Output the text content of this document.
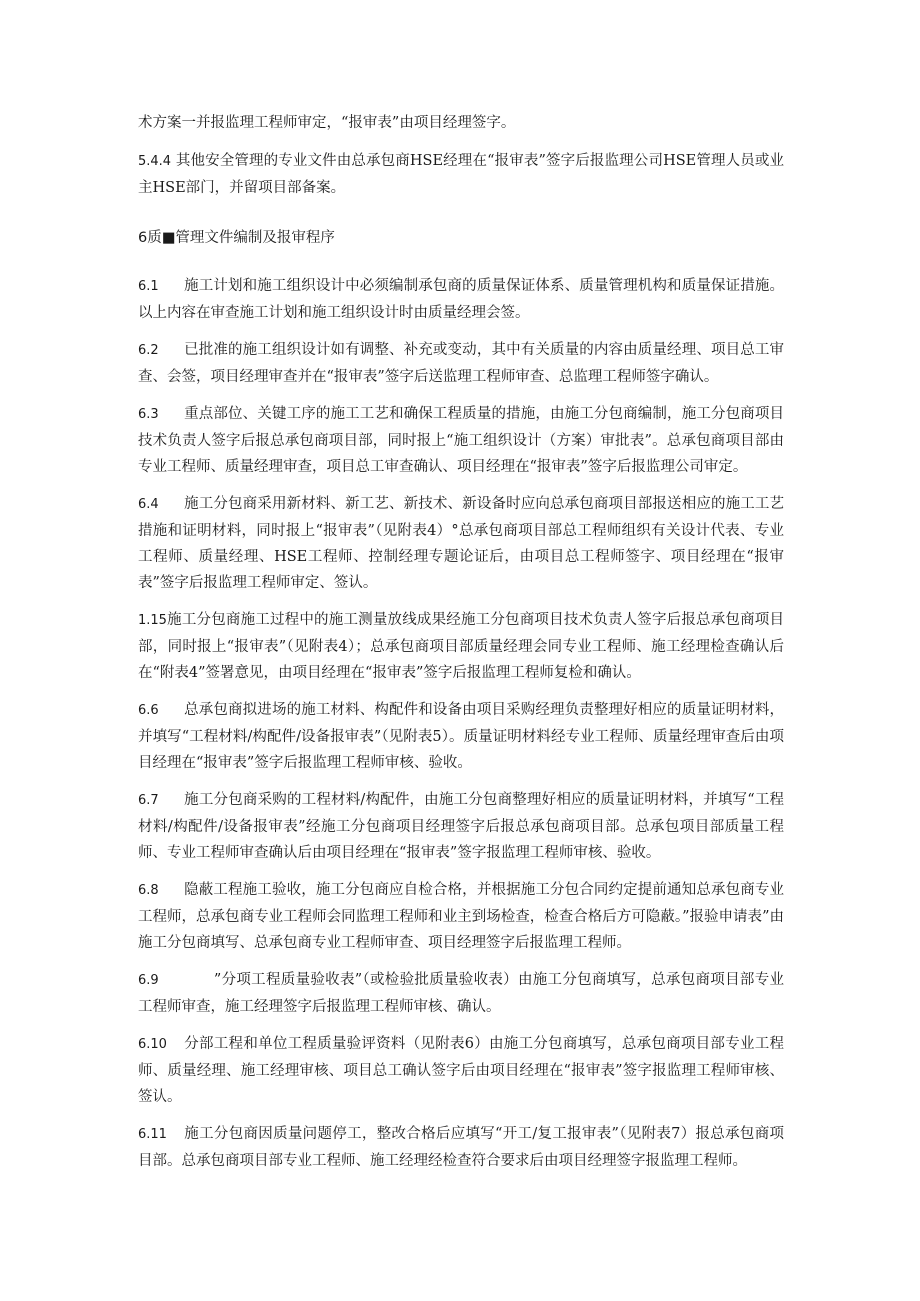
术方案一并报监理工程师审定，“报审表”由项目经理签字。

5.4.4 其他安全管理的专业文件由总承包商HSE经理在“报审表”签字后报监理公司HSE管理人员或业主HSE部门，并留项目部备案。

6质■管理文件编制及报审程序

6.1 施工计划和施工组织设计中必须编制承包商的质量保证体系、质量管理机构和质量保证措施。以上内容在审查施工计划和施工组织设计时由质量经理会签。

6.2 已批准的施工组织设计如有调整、补充或变动，其中有关质量的内容由质量经理、项目总工审查、会签，项目经理审查并在“报审表”签字后送监理工程师审查、总监理工程师签字确认。

6.3 重点部位、关键工序的施工工艺和确保工程质量的措施，由施工分包商编制，施工分包商项目技术负责人签字后报总承包商项目部，同时报上“施工组织设计（方案）审批表”。总承包商项目部由专业工程师、质量经理审查，项目总工审查确认、项目经理在“报审表”签字后报监理公司审定。

6.4 施工分包商采用新材料、新工艺、新技术、新设备时应向总承包商项目部报送相应的施工工艺措施和证明材料，同时报上“报审表”（见附表4）°总承包商项目部总工程师组织有关设计代表、专业工程师、质量经理、HSE工程师、控制经理专题论证后，由项目总工程师签字、项目经理在“报审表”签字后报监理工程师审定、签认。

1.15施工分包商施工过程中的施工测量放线成果经施工分包商项目技术负责人签字后报总承包商项目部，同时报上“报审表”（见附表4）；总承包商项目部质量经理会同专业工程师、施工经理检查确认后在“附表4”签署意见，由项目经理在“报审表”签字后报监理工程师复检和确认。

6.6 总承包商拟进场的施工材料、构配件和设备由项目采购经理负责整理好相应的质量证明材料，并填写“工程材料/构配件/设备报审表”（见附表5）。质量证明材料经专业工程师、质量经理审查后由项目经理在“报审表”签字后报监理工程师审核、验收。

6.7 施工分包商采购的工程材料/构配件，由施工分包商整理好相应的质量证明材料，并填写“工程材料/构配件/设备报审表”经施工分包商项目经理签字后报总承包商项目部。总承包项目部质量工程师、专业工程师审查确认后由项目经理在“报审表”签字报监理工程师审核、验收。

6.8 隐蔽工程施工验收，施工分包商应自检合格，并根据施工分包合同约定提前通知总承包商专业工程师，总承包商专业工程师会同监理工程师和业主到场检查，检查合格后方可隐蔽。”报验申请表”由施工分包商填写、总承包商专业工程师审查、项目经理签字后报监理工程师。

6.9　　”分项工程质量验收表”（或检验批质量验收表）由施工分包商填写，总承包商项目部专业工程师审查，施工经理签字后报监理工程师审核、确认。

6.10 分部工程和单位工程质量验评资料（见附表6）由施工分包商填写，总承包商项目部专业工程师、质量经理、施工经理审核、项目总工确认签字后由项目经理在“报审表”签字报监理工程师审核、签认。

6.11 施工分包商因质量问题停工，整改合格后应填写“开工/复工报审表”（见附表7）报总承包商项目部。总承包商项目部专业工程师、施工经理经检查符合要求后由项目经理签字报监理工程师。
